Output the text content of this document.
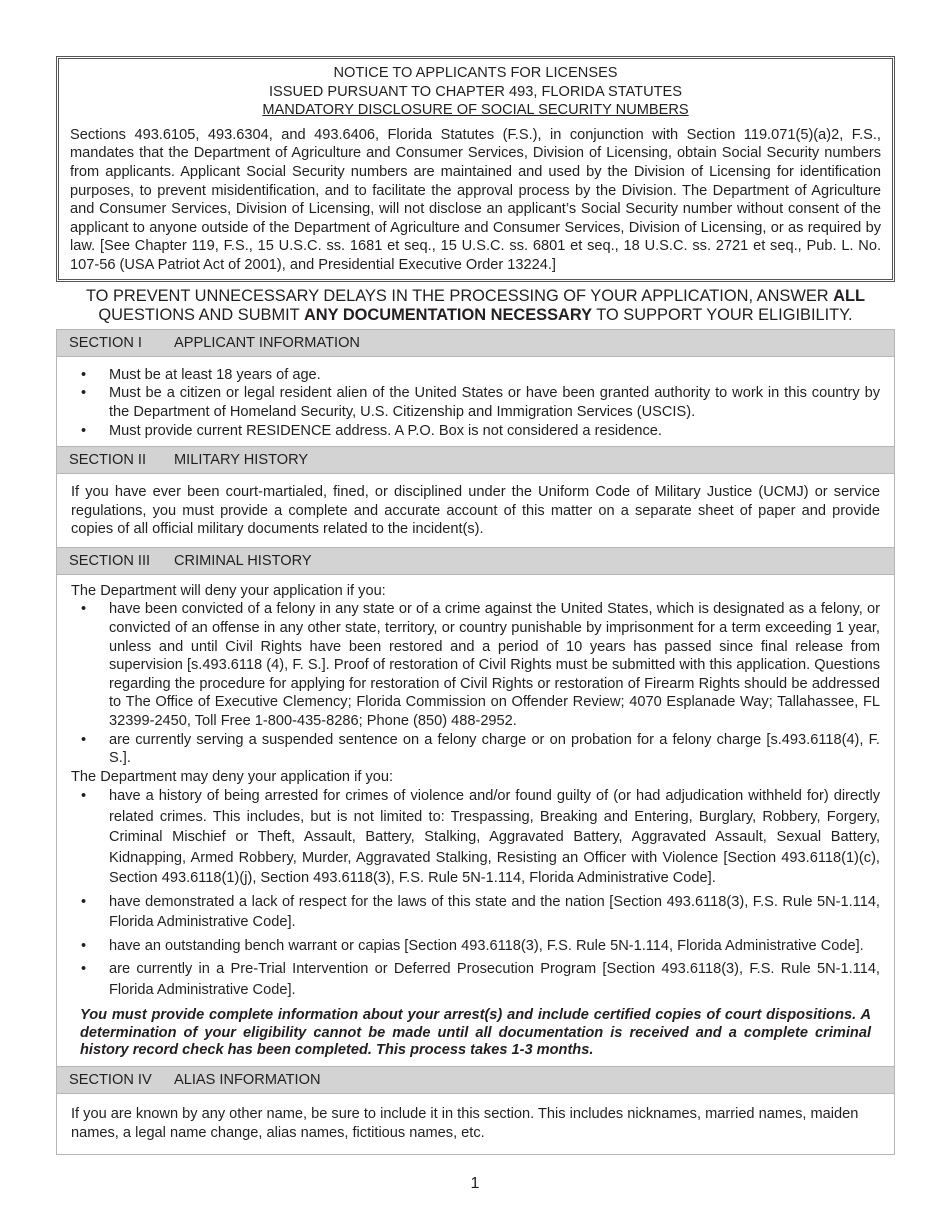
NOTICE TO APPLICANTS FOR LICENSES
ISSUED PURSUANT TO CHAPTER 493, FLORIDA STATUTES
MANDATORY DISCLOSURE OF SOCIAL SECURITY NUMBERS
Sections 493.6105, 493.6304, and 493.6406, Florida Statutes (F.S.), in conjunction with Section 119.071(5)(a)2, F.S., mandates that the Department of Agriculture and Consumer Services, Division of Licensing, obtain Social Security numbers from applicants. Applicant Social Security numbers are maintained and used by the Division of Licensing for identification purposes, to prevent misidentification, and to facilitate the approval process by the Division. The Department of Agriculture and Consumer Services, Division of Licensing, will not disclose an applicant’s Social Security number without consent of the applicant to anyone outside of the Department of Agriculture and Consumer Services, Division of Licensing, or as required by law. [See Chapter 119, F.S., 15 U.S.C. ss. 1681 et seq., 15 U.S.C. ss. 6801 et seq., 18 U.S.C. ss. 2721 et seq., Pub. L. No. 107-56 (USA Patriot Act of 2001), and Presidential Executive Order 13224.]
TO PREVENT UNNECESSARY DELAYS IN THE PROCESSING OF YOUR APPLICATION, ANSWER ALL QUESTIONS AND SUBMIT ANY DOCUMENTATION NECESSARY TO SUPPORT YOUR ELIGIBILITY.
SECTION I APPLICANT INFORMATION
• Must be at least 18 years of age.
• Must be a citizen or legal resident alien of the United States or have been granted authority to work in this country by the Department of Homeland Security, U.S. Citizenship and Immigration Services (USCIS).
• Must provide current RESIDENCE address. A P.O. Box is not considered a residence.
SECTION II MILITARY HISTORY
If you have ever been court-martialed, fined, or disciplined under the Uniform Code of Military Justice (UCMJ) or service regulations, you must provide a complete and accurate account of this matter on a separate sheet of paper and provide copies of all official military documents related to the incident(s).
SECTION III CRIMINAL HISTORY

The Department will deny your application if you:

• have been convicted of a felony in any state or of a crime against the United States, which is designated as a felony, or convicted of an offense in any other state, territory, or country punishable by imprisonment for a term exceeding 1 year, unless and until Civil Rights have been restored and a period of 10 years has passed since final release from supervision [s.493.6118 (4), F. S.]. Proof of restoration of Civil Rights must be submitted with this application. Questions regarding the procedure for applying for restoration of Civil Rights or restoration of Firearm Rights should be addressed to The Office of Executive Clemency; Florida Commission on Offender Review; 4070 Esplanade Way; Tallahassee, FL 32399-2450, Toll Free 1-800-435-8286; Phone (850) 488-2952.
• are currently serving a suspended sentence on a felony charge or on probation for a felony charge [s.493.6118(4), F. S.].

The Department may deny your application if you:

• have a history of being arrested for crimes of violence and/or found guilty of (or had adjudication withheld for) directly related crimes. This includes, but is not limited to: Trespassing, Breaking and Entering, Burglary, Robbery, Forgery, Criminal Mischief or Theft, Assault, Battery, Stalking, Aggravated Battery, Aggravated Assault, Sexual Battery, Kidnapping, Armed Robbery, Murder, Aggravated Stalking, Resisting an Officer with Violence [Section 493.6118(1)(c), Section 493.6118(1)(j), Section 493.6118(3), F.S. Rule 5N-1.114, Florida Administrative Code].
• have demonstrated a lack of respect for the laws of this state and the nation [Section 493.6118(3), F.S. Rule 5N-1.114, Florida Administrative Code].
• have an outstanding bench warrant or capias [Section 493.6118(3), F.S. Rule 5N-1.114, Florida Administrative Code].
• are currently in a Pre-Trial Intervention or Deferred Prosecution Program [Section 493.6118(3), F.S. Rule 5N-1.114, Florida Administrative Code].
You must provide complete information about your arrest(s) and include certified copies of court dispositions. A determination of your eligibility cannot be made until all documentation is received and a complete criminal history record check has been completed. This process takes 1-3 months.
SECTION IV ALIAS INFORMATION
If you are known by any other name, be sure to include it in this section. This includes nicknames, married names, maiden names, a legal name change, alias names, fictitious names, etc.
1
